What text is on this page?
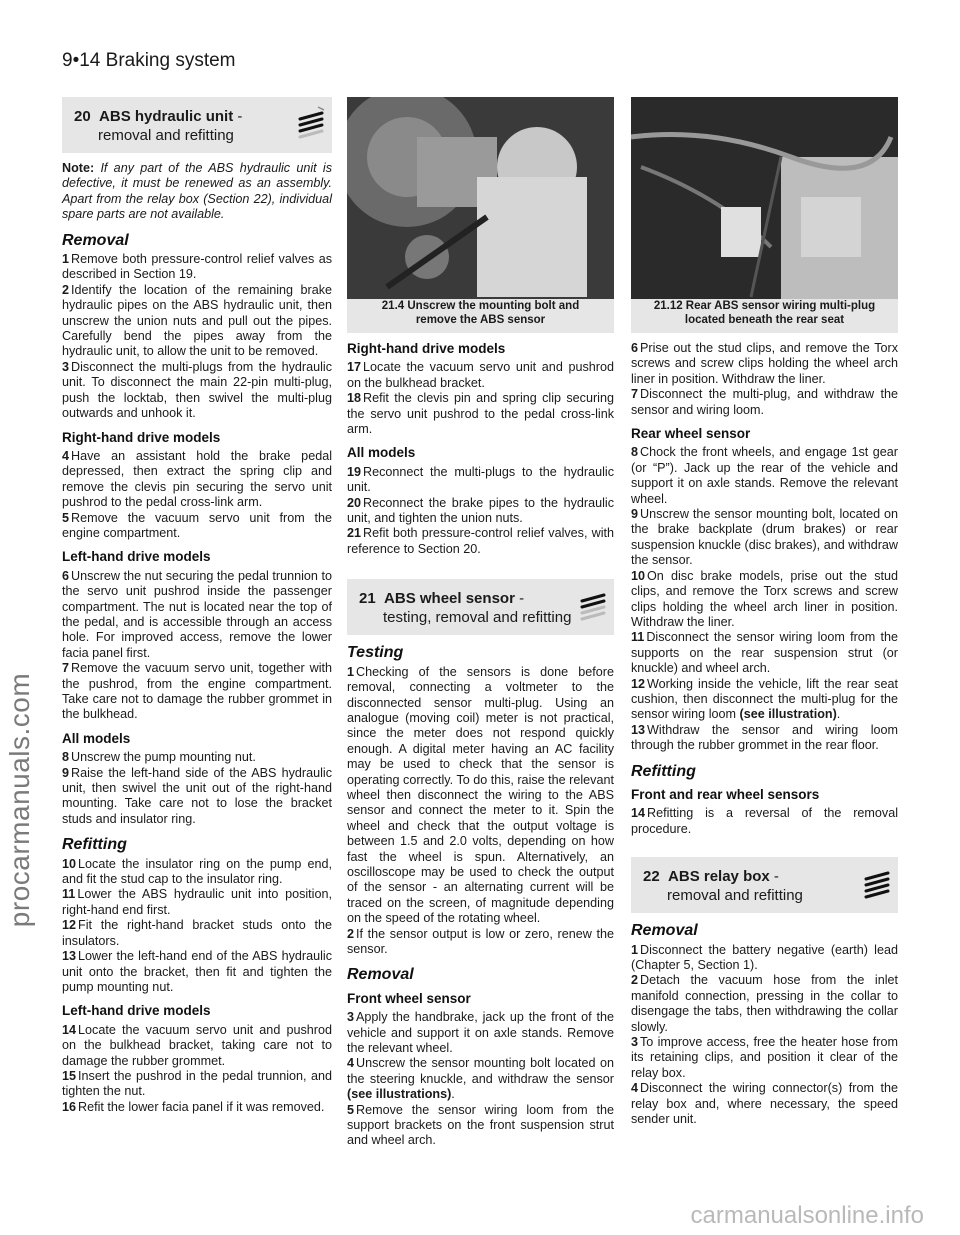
9•14 Braking system
procarmanuals.com
carmanualsonline.info
20 ABS hydraulic unit -
removal and refitting

Note: If any part of the ABS hydraulic unit is defective, it must be renewed as an assembly. Apart from the relay box (Section 22), individual spare parts are not available.

Removal

1 Remove both pressure-control relief valves as described in Section 19.

2 Identify the location of the remaining brake hydraulic pipes on the ABS hydraulic unit, then unscrew the union nuts and pull out the pipes. Carefully bend the pipes away from the hydraulic unit, to allow the unit to be removed.

3 Disconnect the multi-plugs from the hydraulic unit. To disconnect the main 22-pin multi-plug, push the locktab, then swivel the multi-plug outwards and unhook it.

Right-hand drive models

4 Have an assistant hold the brake pedal depressed, then extract the spring clip and remove the clevis pin securing the servo unit pushrod to the pedal cross-link arm.

5 Remove the vacuum servo unit from the engine compartment.

Left-hand drive models

6 Unscrew the nut securing the pedal trunnion to the servo unit pushrod inside the passenger compartment. The nut is located near the top of the pedal, and is accessible through an access hole. For improved access, remove the lower facia panel first.

7 Remove the vacuum servo unit, together with the pushrod, from the engine compartment. Take care not to damage the rubber grommet in the bulkhead.

All models

8 Unscrew the pump mounting nut.

9 Raise the left-hand side of the ABS hydraulic unit, then swivel the unit out of the right-hand mounting. Take care not to lose the bracket studs and insulator ring.

Refitting

10 Locate the insulator ring on the pump end, and fit the stud cap to the insulator ring.

11 Lower the ABS hydraulic unit into position, right-hand end first.

12 Fit the right-hand bracket studs onto the insulators.

13 Lower the left-hand end of the ABS hydraulic unit onto the bracket, then fit and tighten the pump mounting nut.

Left-hand drive models

14 Locate the vacuum servo unit and pushrod on the bulkhead bracket, taking care not to damage the rubber grommet.

15 Insert the pushrod in the pedal trunnion, and tighten the nut.

16 Refit the lower facia panel if it was removed.

21.4 Unscrew the mounting bolt and
remove the ABS sensor
21.12 Rear ABS sensor wiring multi-plug
located beneath the rear seat
Right-hand drive models

17 Locate the vacuum servo unit and pushrod on the bulkhead bracket.

18 Refit the clevis pin and spring clip securing the servo unit pushrod to the pedal cross-link arm.

All models

19 Reconnect the multi-plugs to the hydraulic unit.

20 Reconnect the brake pipes to the hydraulic unit, and tighten the union nuts.

21 Refit both pressure-control relief valves, with reference to Section 20.

21 ABS wheel sensor -
testing, removal and refitting
Testing

1 Checking of the sensors is done before removal, connecting a voltmeter to the disconnected sensor multi-plug. Using an analogue (moving coil) meter is not practical, since the meter does not respond quickly enough. A digital meter having an AC facility may be used to check that the sensor is operating correctly. To do this, raise the relevant wheel then disconnect the wiring to the ABS sensor and connect the meter to it. Spin the wheel and check that the output voltage is between 1.5 and 2.0 volts, depending on how fast the wheel is spun. Alternatively, an oscilloscope may be used to check the output of the sensor - an alternating current will be traced on the screen, of magnitude depending on the speed of the rotating wheel.

2 If the sensor output is low or zero, renew the sensor.

Removal
Front wheel sensor

3 Apply the handbrake, jack up the front of the vehicle and support it on axle stands. Remove the relevant wheel.

4 Unscrew the sensor mounting bolt located on the steering knuckle, and withdraw the sensor (see illustrations).

5 Remove the sensor wiring loom from the support brackets on the front suspension strut and wheel arch.

6 Prise out the stud clips, and remove the Torx screws and screw clips holding the wheel arch liner in position. Withdraw the liner.

7 Disconnect the multi-plug, and withdraw the sensor and wiring loom.

Rear wheel sensor

8 Chock the front wheels, and engage 1st gear (or “P”). Jack up the rear of the vehicle and support it on axle stands. Remove the relevant wheel.

9 Unscrew the sensor mounting bolt, located on the brake backplate (drum brakes) or rear suspension knuckle (disc brakes), and withdraw the sensor.

10 On disc brake models, prise out the stud clips, and remove the Torx screws and screw clips holding the wheel arch liner in position. Withdraw the liner.

11 Disconnect the sensor wiring loom from the supports on the rear suspension strut (or knuckle) and wheel arch.

12 Working inside the vehicle, lift the rear seat cushion, then disconnect the multi-plug for the sensor wiring loom (see illustration).

13 Withdraw the sensor and wiring loom through the rubber grommet in the rear floor.

Refitting
Front and rear wheel sensors

14 Refitting is a reversal of the removal procedure.

22 ABS relay box -
removal and refitting
Removal

1 Disconnect the battery negative (earth) lead (Chapter 5, Section 1).

2 Detach the vacuum hose from the inlet manifold connection, pressing in the collar to disengage the tabs, then withdrawing the collar slowly.

3 To improve access, free the heater hose from its retaining clips, and position it clear of the relay box.

4 Disconnect the wiring connector(s) from the relay box and, where necessary, the speed sender unit.
